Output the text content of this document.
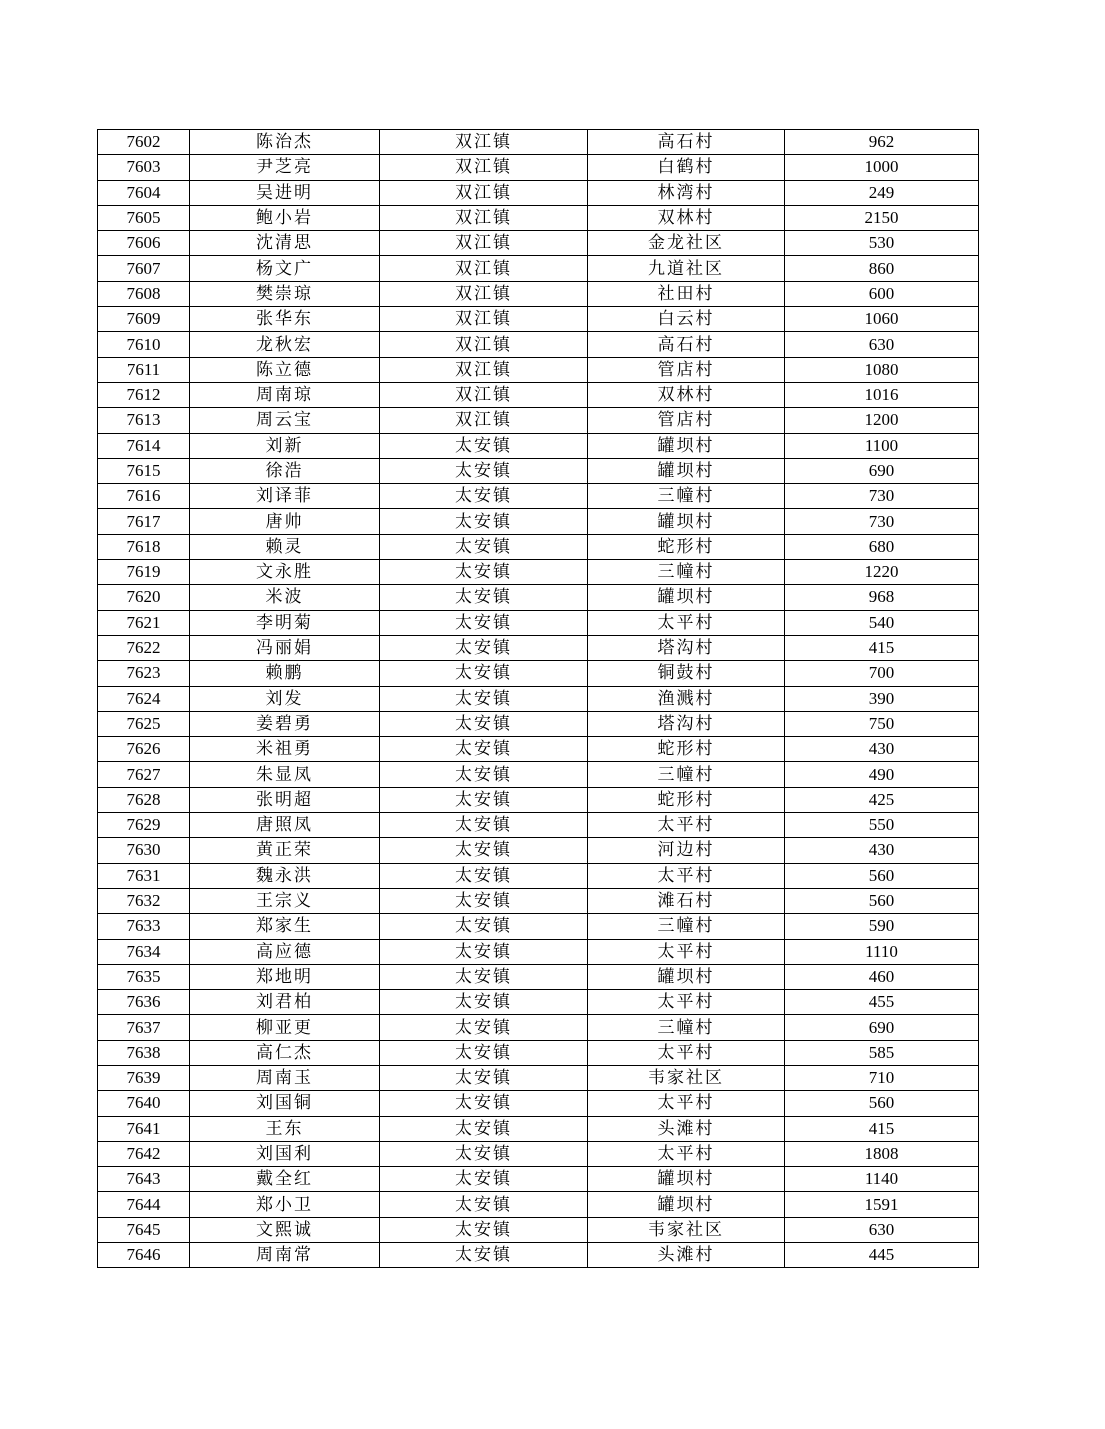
7602	陈治杰	双江镇	高石村	962
7603	尹芝亮	双江镇	白鹤村	1000
7604	吴进明	双江镇	林湾村	249
7605	鲍小岩	双江镇	双林村	2150
7606	沈清思	双江镇	金龙社区	530
7607	杨文广	双江镇	九道社区	860
7608	樊崇琼	双江镇	社田村	600
7609	张华东	双江镇	白云村	1060
7610	龙秋宏	双江镇	高石村	630
7611	陈立德	双江镇	管店村	1080
7612	周南琼	双江镇	双林村	1016
7613	周云宝	双江镇	管店村	1200
7614	刘新	太安镇	罐坝村	1100
7615	徐浩	太安镇	罐坝村	690
7616	刘译菲	太安镇	三幢村	730
7617	唐帅	太安镇	罐坝村	730
7618	赖灵	太安镇	蛇形村	680
7619	文永胜	太安镇	三幢村	1220
7620	米波	太安镇	罐坝村	968
7621	李明菊	太安镇	太平村	540
7622	冯丽娟	太安镇	塔沟村	415
7623	赖鹏	太安镇	铜鼓村	700
7624	刘发	太安镇	渔溅村	390
7625	姜碧勇	太安镇	塔沟村	750
7626	米祖勇	太安镇	蛇形村	430
7627	朱显凤	太安镇	三幢村	490
7628	张明超	太安镇	蛇形村	425
7629	唐照凤	太安镇	太平村	550
7630	黄正荣	太安镇	河边村	430
7631	魏永洪	太安镇	太平村	560
7632	王宗义	太安镇	滩石村	560
7633	郑家生	太安镇	三幢村	590
7634	高应德	太安镇	太平村	1110
7635	郑地明	太安镇	罐坝村	460
7636	刘君柏	太安镇	太平村	455
7637	柳亚更	太安镇	三幢村	690
7638	高仁杰	太安镇	太平村	585
7639	周南玉	太安镇	韦家社区	710
7640	刘国铜	太安镇	太平村	560
7641	王东	太安镇	头滩村	415
7642	刘国利	太安镇	太平村	1808
7643	戴全红	太安镇	罐坝村	1140
7644	郑小卫	太安镇	罐坝村	1591
7645	文熙诚	太安镇	韦家社区	630
7646	周南常	太安镇	头滩村	445
